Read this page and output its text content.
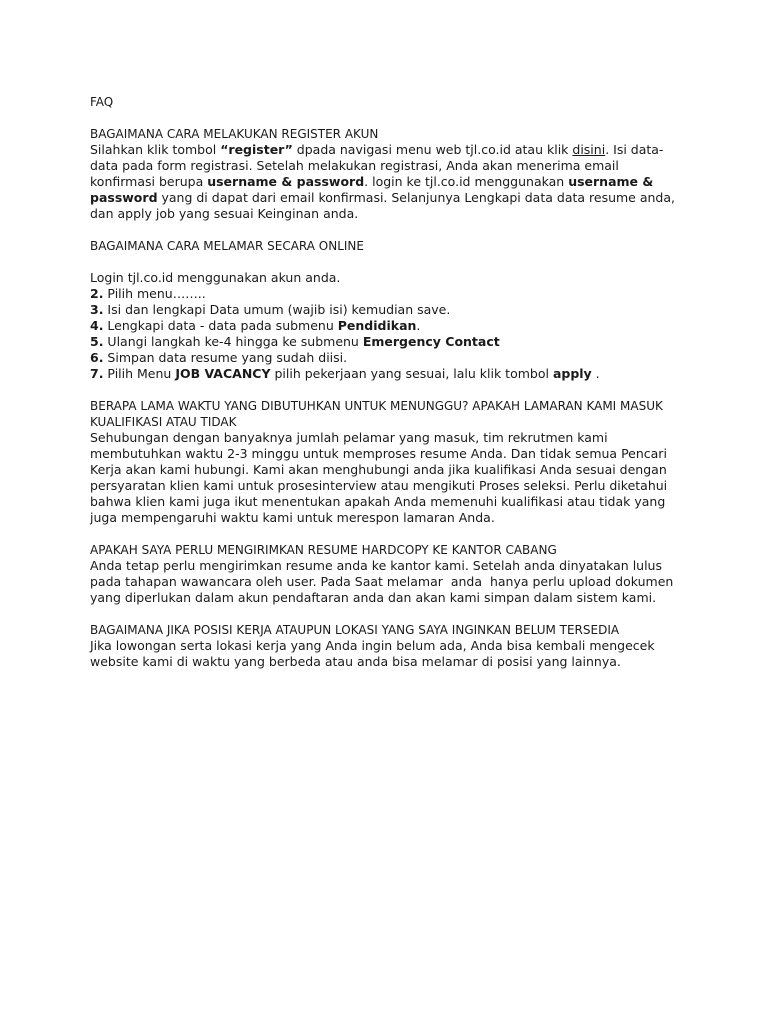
FAQ
BAGAIMANA CARA MELAKUKAN REGISTER AKUN

Silahkan klik tombol “register” dpada navigasi menu web tjl.co.id atau klik disini. Isi data-data pada form registrasi. Setelah melakukan registrasi, Anda akan menerima email konfirmasi berupa username & password. login ke tjl.co.id menggunakan username & password yang di dapat dari email konfirmasi. Selanjunya Lengkapi data data resume anda, dan apply job yang sesuai Keinginan anda.

BAGAIMANA CARA MELAMAR SECARA ONLINE

Login tjl.co.id menggunakan akun anda.

2. Pilih menu……..

3. Isi dan lengkapi Data umum (wajib isi) kemudian save.

4. Lengkapi data - data pada submenu Pendidikan.

5. Ulangi langkah ke-4 hingga ke submenu Emergency Contact

6. Simpan data resume yang sudah diisi.

7. Pilih Menu JOB VACANCY pilih pekerjaan yang sesuai, lalu klik tombol apply .

BERAPA LAMA WAKTU YANG DIBUTUHKAN UNTUK MENUNGGU? APAKAH LAMARAN KAMI MASUK KUALIFIKASI ATAU TIDAK

Sehubungan dengan banyaknya jumlah pelamar yang masuk, tim rekrutmen kami membutuhkan waktu 2-3 minggu untuk memproses resume Anda. Dan tidak semua Pencari Kerja akan kami hubungi. Kami akan menghubungi anda jika kualifikasi Anda sesuai dengan persyaratan klien kami untuk prosesinterview atau mengikuti Proses seleksi. Perlu diketahui bahwa klien kami juga ikut menentukan apakah Anda memenuhi kualifikasi atau tidak yang juga mempengaruhi waktu kami untuk merespon lamaran Anda.

APAKAH SAYA PERLU MENGIRIMKAN RESUME HARDCOPY KE KANTOR CABANG

Anda tetap perlu mengirimkan resume anda ke kantor kami. Setelah anda dinyatakan lulus pada tahapan wawancara oleh user. Pada Saat melamar  anda  hanya perlu upload dokumen yang diperlukan dalam akun pendaftaran anda dan akan kami simpan dalam sistem kami.

BAGAIMANA JIKA POSISI KERJA ATAUPUN LOKASI YANG SAYA INGINKAN BELUM TERSEDIA

Jika lowongan serta lokasi kerja yang Anda ingin belum ada, Anda bisa kembali mengecek website kami di waktu yang berbeda atau anda bisa melamar di posisi yang lainnya.
